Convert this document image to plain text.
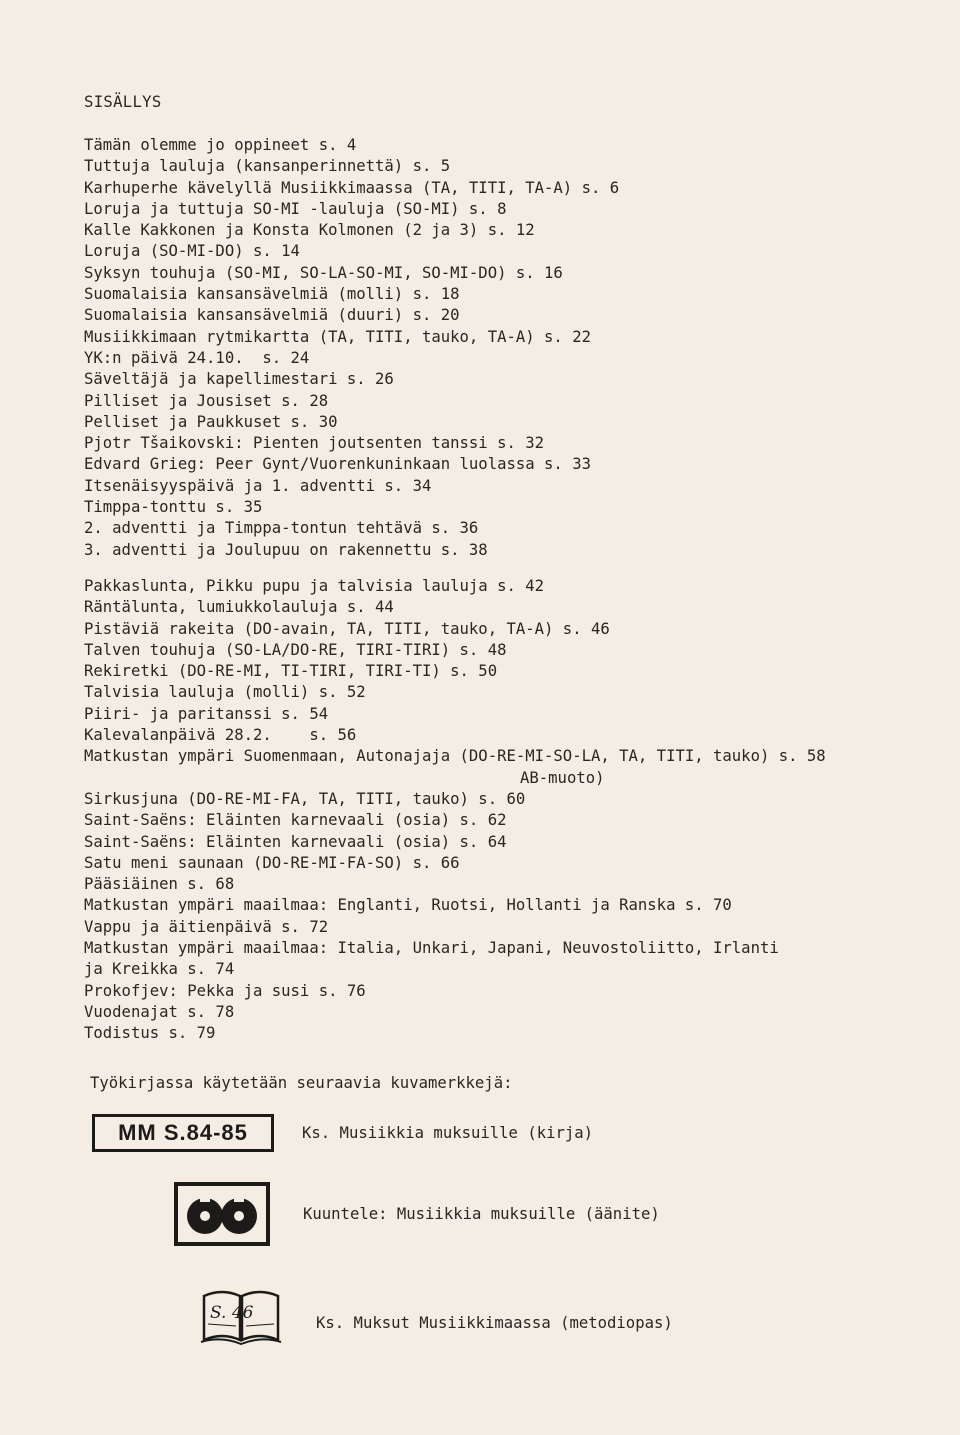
SISÄLLYS
Tämän olemme jo oppineet s. 4
Tuttuja lauluja (kansanperinnettä) s. 5
Karhuperhe kävelyllä Musiikkimaassa (TA, TITI, TA-A) s. 6
Loruja ja tuttuja SO-MI -lauluja (SO-MI) s. 8
Kalle Kakkonen ja Konsta Kolmonen (2 ja 3) s. 12
Loruja (SO-MI-DO) s. 14
Syksyn touhuja (SO-MI, SO-LA-SO-MI, SO-MI-DO) s. 16
Suomalaisia kansansävelmiä (molli) s. 18
Suomalaisia kansansävelmiä (duuri) s. 20
Musiikkimaan rytmikartta (TA, TITI, tauko, TA-A) s. 22
YK:n päivä 24.10.  s. 24
Säveltäjä ja kapellimestari s. 26
Pilliset ja Jousiset s. 28
Pelliset ja Paukkuset s. 30
Pjotr Tšaikovski: Pienten joutsenten tanssi s. 32
Edvard Grieg: Peer Gynt/Vuorenkuninkaan luolassa s. 33
Itsenäisyyspäivä ja 1. adventti s. 34
Timppa-tonttu s. 35
2. adventti ja Timppa-tontun tehtävä s. 36
3. adventti ja Joulupuu on rakennettu s. 38
Pakkaslunta, Pikku pupu ja talvisia lauluja s. 42
Räntälunta, lumiukkolauluja s. 44
Pistäviä rakeita (DO-avain, TA, TITI, tauko, TA-A) s. 46
Talven touhuja (SO-LA/DO-RE, TIRI-TIRI) s. 48
Rekiretki (DO-RE-MI, TI-TIRI, TIRI-TI) s. 50
Talvisia lauluja (molli) s. 52
Piiri- ja paritanssi s. 54
Kalevalanpäivä 28.2.    s. 56
Matkustan ympäri Suomenmaan, Autonajaja (DO-RE-MI-SO-LA, TA, TITI, tauko) s. 58
AB-muoto)
Sirkusjuna (DO-RE-MI-FA, TA, TITI, tauko) s. 60
Saint-Saëns: Eläinten karnevaali (osia) s. 62
Saint-Saëns: Eläinten karnevaali (osia) s. 64
Satu meni saunaan (DO-RE-MI-FA-SO) s. 66
Pääsiäinen s. 68
Matkustan ympäri maailmaa: Englanti, Ruotsi, Hollanti ja Ranska s. 70
Vappu ja äitienpäivä s. 72
Matkustan ympäri maailmaa: Italia, Unkari, Japani, Neuvostoliitto, Irlanti
ja Kreikka s. 74
Prokofjev: Pekka ja susi s. 76
Vuodenajat s. 78
Todistus s. 79
Työkirjassa käytetään seuraavia kuvamerkkejä:
MM S.84-85	Ks. Musiikkia muksuille (kirja)
Kuuntele: Musiikkia muksuille (äänite)
S. 46	Ks. Muksut Musiikkimaassa (metodiopas)
